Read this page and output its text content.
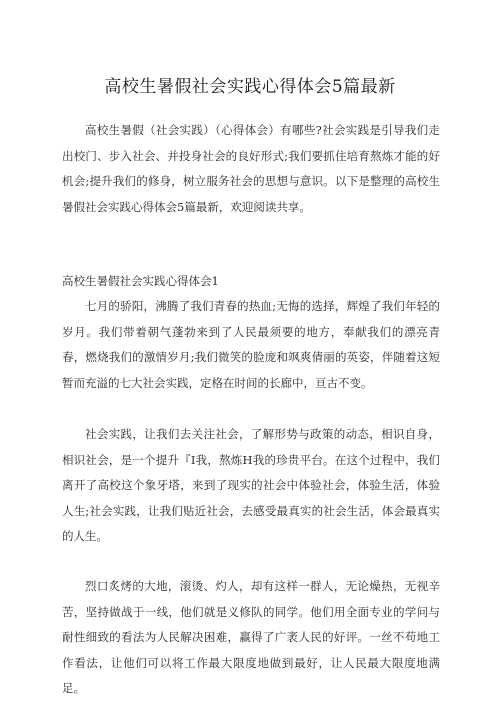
高校生暑假社会实践心得体会5篇最新

高校生暑假（社会实践）（心得体会）有哪些?社会实践是引导我们走出校门、步入社会、并投身社会的良好形式;我们要抓住培育熬炼才能的好机会;提升我们的修身，树立服务社会的思想与意识。以下是整理的高校生暑假社会实践心得体会5篇最新，欢迎阅读共享。

高校生暑假社会实践心得体会1

七月的骄阳，沸腾了我们青春的热血;无悔的选择，辉煌了我们年轻的岁月。我们带着朝气蓬勃来到了人民最须要的地方，奉献我们的漂亮青春，燃烧我们的激情岁月;我们微笑的脸庞和飒爽倩丽的英姿，伴随着这短暂而充溢的七大社会实践，定格在时间的长廊中，亘古不变。

社会实践，让我们去关注社会，了解形势与政策的动态，相识自身，相识社会，是一个提升『I我，熬炼H我的珍贵平台。在这个过程中，我们离开了高校这个象牙塔，来到了现实的社会中体验社会，体验生活，体验人生;社会实践，让我们贴近社会，去感受最真实的社会生活，体会最真实的人生。

烈口炙烤的大地，滚烫、灼人，却有这样一群人，无论燥热，无视辛苦，坚持做战于一线，他们就是义修队的同学。他们用全面专业的学问与耐性细致的看法为人民解决困难，赢得了广袤人民的好评。一丝不苟地工作看法，让他们可以将工作最大限度地做到最好，让人民最大限度地满足。
